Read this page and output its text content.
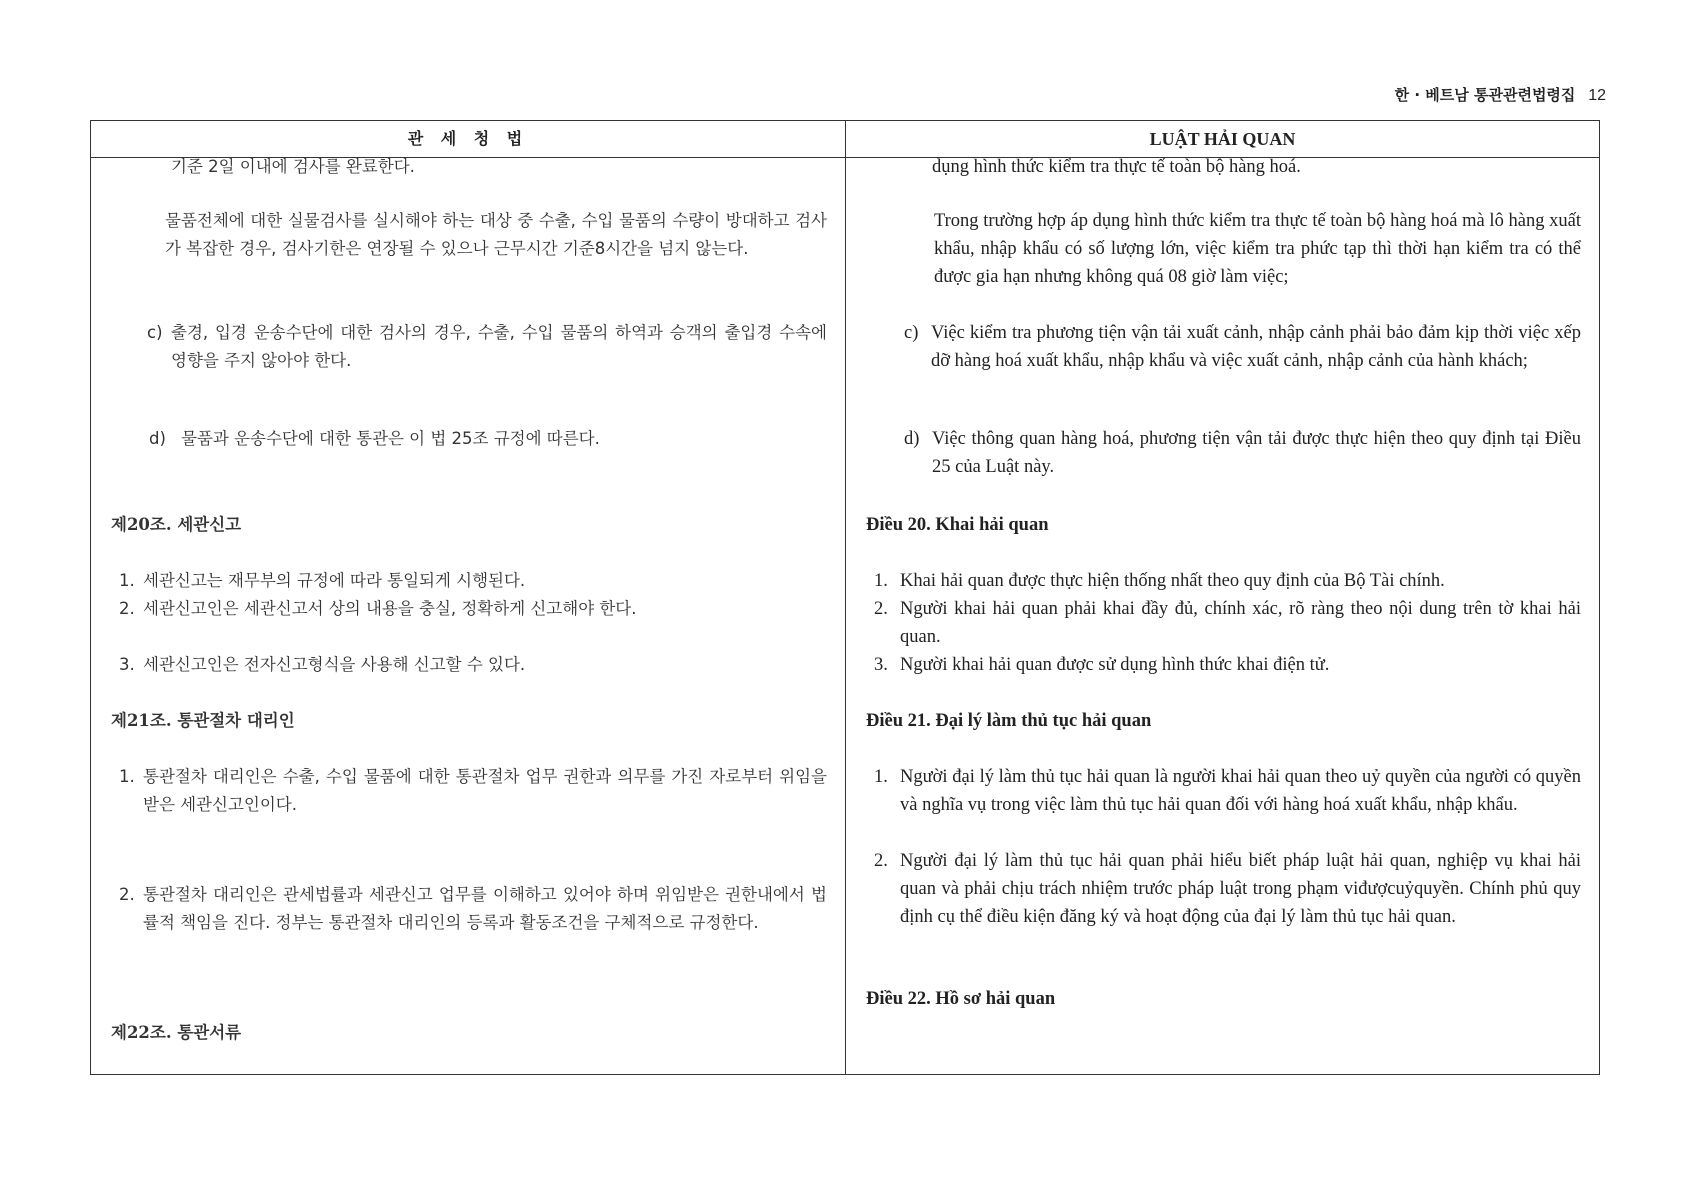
한 · 베트남 통관관련법령집 12
관 세 청 법	LUẬT HẢI QUAN
기준 2일 이내에 검사를 완료한다.
물품전체에 대한 실물검사를 실시해야 하는 대상 중 수출, 수입 물품의 수량이 방대하고 검사가 복잡한 경우, 검사기한은 연장될 수 있으나 근무시간 기준8시간을 넘지 않는다.
c) 출경, 입경 운송수단에 대한 검사의 경우, 수출, 수입 물품의 하역과 승객의 출입경 수속에 영향을 주지 않아야 한다.
d) 물품과 운송수단에 대한 통관은 이 법 25조 규정에 따른다.
제20조. 세관신고
1. 세관신고는 재무부의 규정에 따라 통일되게 시행된다.
2. 세관신고인은 세관신고서 상의 내용을 충실, 정확하게 신고해야 한다.
3. 세관신고인은 전자신고형식을 사용해 신고할 수 있다.
제21조. 통관절차 대리인
1. 통관절차 대리인은 수출, 수입 물품에 대한 통관절차 업무 권한과 의무를 가진 자로부터 위임을 받은 세관신고인이다.
2. 통관절차 대리인은 관세법률과 세관신고 업무를 이해하고 있어야 하며 위임받은 권한내에서 법률적 책임을 진다. 정부는 통관절차 대리인의 등록과 활동조건을 구체적으로 규정한다.
제22조. 통관서류
dụng hình thức kiểm tra thực tế toàn bộ hàng hoá.
Trong trường hợp áp dụng hình thức kiểm tra thực tế toàn bộ hàng hoá mà lô hàng xuất khẩu, nhập khẩu có số lượng lớn, việc kiểm tra phức tạp thì thời hạn kiểm tra có thể được gia hạn nhưng không quá 08 giờ làm việc;
c) Việc kiểm tra phương tiện vận tải xuất cảnh, nhập cảnh phải bảo đảm kịp thời việc xếp dỡ hàng hoá xuất khẩu, nhập khẩu và việc xuất cảnh, nhập cảnh của hành khách;
d) Việc thông quan hàng hoá, phương tiện vận tải được thực hiện theo quy định tại Điều 25 của Luật này.
Điều 20. Khai hải quan
1. Khai hải quan được thực hiện thống nhất theo quy định của Bộ Tài chính.
2. Người khai hải quan phải khai đầy đủ, chính xác, rõ ràng theo nội dung trên tờ khai hải quan.
3. Người khai hải quan được sử dụng hình thức khai điện tử.
Điều 21. Đại lý làm thủ tục hải quan
1. Người đại lý làm thủ tục hải quan là người khai hải quan theo uỷ quyền của người có quyền và nghĩa vụ trong việc làm thủ tục hải quan đối với hàng hoá xuất khẩu, nhập khẩu.
2. Người đại lý làm thủ tục hải quan phải hiểu biết pháp luật hải quan, nghiệp vụ khai hải quan và phải chịu trách nhiệm trước pháp luật trong phạm viđượcuỷquyền. Chính phủ quy định cụ thể điều kiện đăng ký và hoạt động của đại lý làm thủ tục hải quan.
Điều 22. Hồ sơ hải quan
